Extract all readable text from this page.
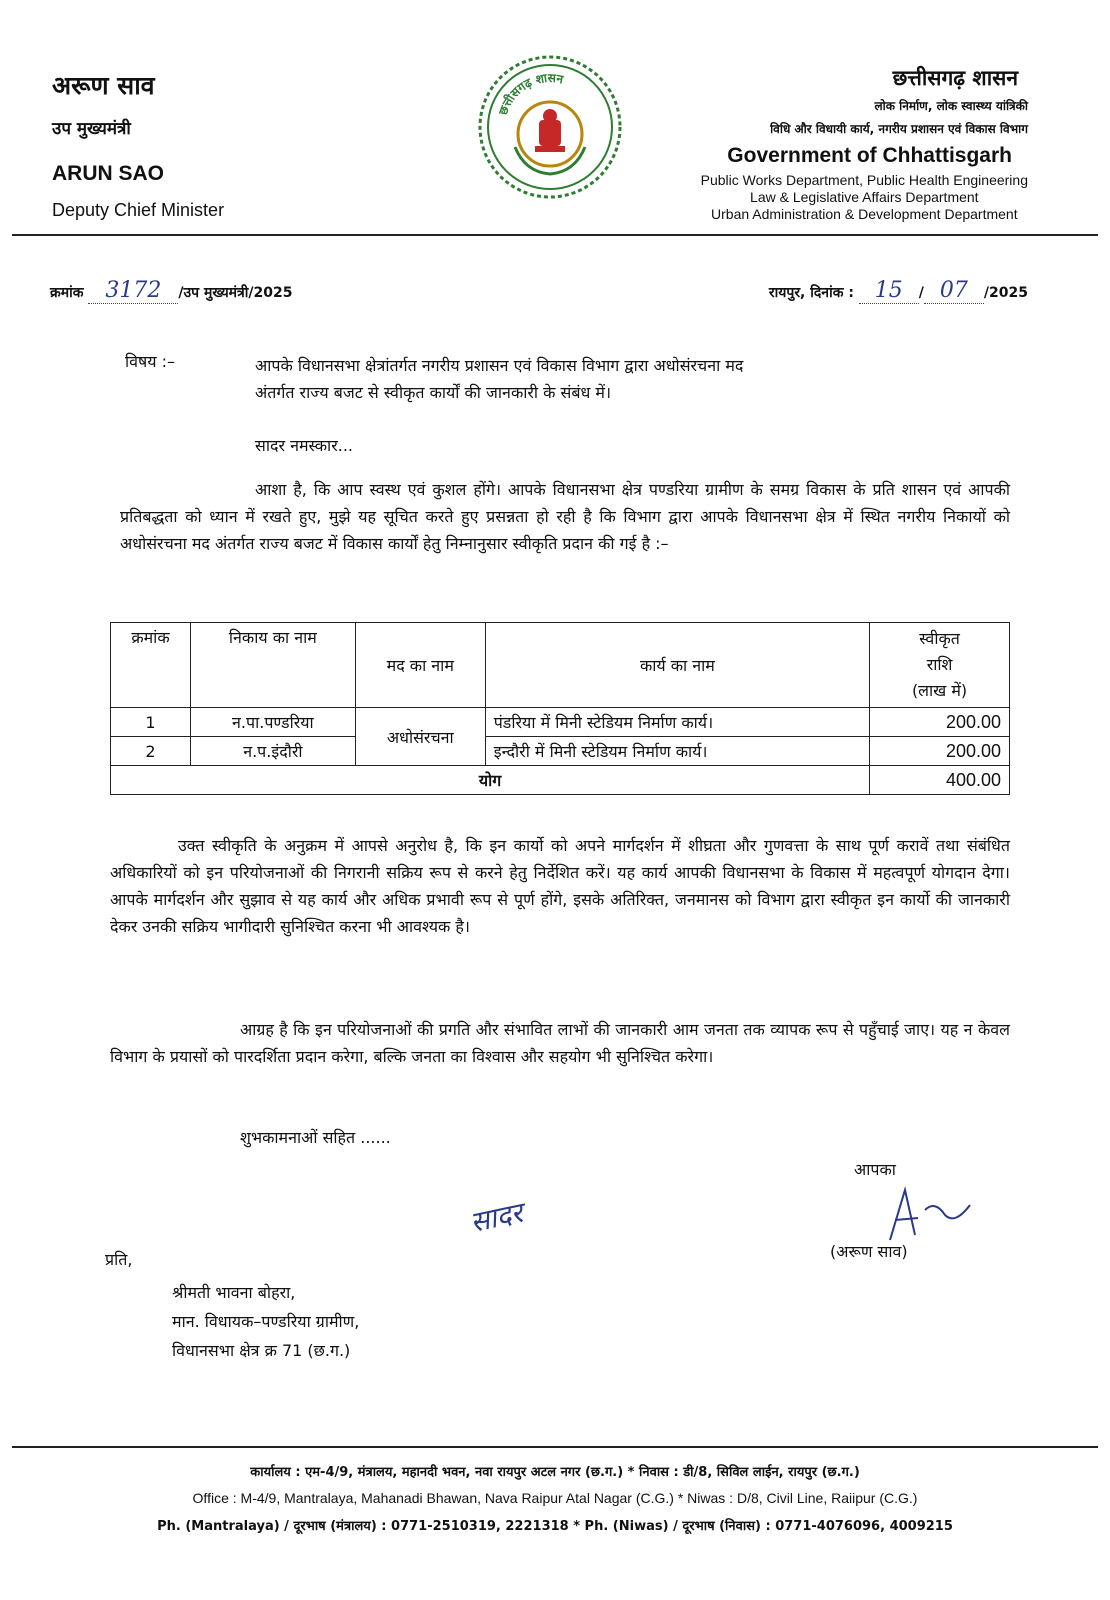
अरूण साव
उप मुख्यमंत्री
ARUN SAO
Deputy Chief Minister
छत्तीसगढ़ शासन	छत्तीसगढ़ शासन
लोक निर्माण, लोक स्वास्थ्य यांत्रिकी
विधि और विधायी कार्य, नगरीय प्रशासन एवं विकास विभाग
Government of Chhattisgarh
Public Works Department, Public Health Engineering
Law & Legislative Affairs Department
Urban Administration & Development Department
क्रमांक 3172 /उप मुख्यमंत्री/2025	रायपुर, दिनांक : 15 / 07 /2025
विषय :–	आपके विधानसभा क्षेत्रांतर्गत नगरीय प्रशासन एवं विकास विभाग द्वारा अधोसंरचना मद
अंतर्गत राज्य बजट से स्वीकृत कार्यों की जानकारी के संबंध में।
सादर नमस्कार...
आशा है, कि आप स्वस्थ एवं कुशल होंगे। आपके विधानसभा क्षेत्र पण्डरिया ग्रामीण के समग्र विकास के प्रति शासन एवं आपकी प्रतिबद्धता को ध्यान में रखते हुए, मुझे यह सूचित करते हुए प्रसन्नता हो रही है कि विभाग द्वारा आपके विधानसभा क्षेत्र में स्थित नगरीय निकायों को अधोसंरचना मद अंतर्गत राज्य बजट में विकास कार्यों हेतु निम्नानुसार स्वीकृति प्रदान की गई है :–
क्रमांक	निकाय का नाम	मद का नाम	कार्य का नाम	स्वीकृत
राशि
(लाख में)

1	न.पा.पण्डरिया	अधोसंरचना	पंडरिया में मिनी स्टेडियम निर्माण कार्य।	200.00
2	न.प.इंदौरी		इन्दौरी में मिनी स्टेडियम निर्माण कार्य।	200.00
योग				400.00
उक्त स्वीकृति के अनुक्रम में आपसे अनुरोध है, कि इन कार्यो को अपने मार्गदर्शन में शीघ्रता और गुणवत्ता के साथ पूर्ण करावें तथा संबंधित अधिकारियों को इन परियोजनाओं की निगरानी सक्रिय रूप से करने हेतु निर्देशित करें। यह कार्य आपकी विधानसभा के विकास में महत्वपूर्ण योगदान देगा। आपके मार्गदर्शन और सुझाव से यह कार्य और अधिक प्रभावी रूप से पूर्ण होंगे, इसके अतिरिक्त, जनमानस को विभाग द्वारा स्वीकृत इन कार्यो की जानकारी देकर उनकी सक्रिय भागीदारी सुनिश्चित करना भी आवश्यक है।
आग्रह है कि इन परियोजनाओं की प्रगति और संभावित लाभों की जानकारी आम जनता तक व्यापक रूप से पहुँचाई जाए। यह न केवल विभाग के प्रयासों को पारदर्शिता प्रदान करेगा, बल्कि जनता का विश्वास और सहयोग भी सुनिश्चित करेगा।
शुभकामनाओं सहित ......
आपका
(अरूण साव)
सादर
प्रति,
श्रीमती भावना बोहरा,
मान. विधायक–पण्डरिया ग्रामीण,
विधानसभा क्षेत्र क्र 71 (छ.ग.)
कार्यालय : एम-4/9, मंत्रालय, महानदी भवन, नवा रायपुर अटल नगर (छ.ग.) * निवास : डी/8, सिविल लाईन, रायपुर (छ.ग.)
Office : M-4/9, Mantralaya, Mahanadi Bhawan, Nava Raipur Atal Nagar (C.G.) * Niwas : D/8, Civil Line, Raiipur (C.G.)
Ph. (Mantralaya) / दूरभाष (मंत्रालय) : 0771-2510319, 2221318 * Ph. (Niwas) / दूरभाष (निवास) : 0771-4076096, 4009215
